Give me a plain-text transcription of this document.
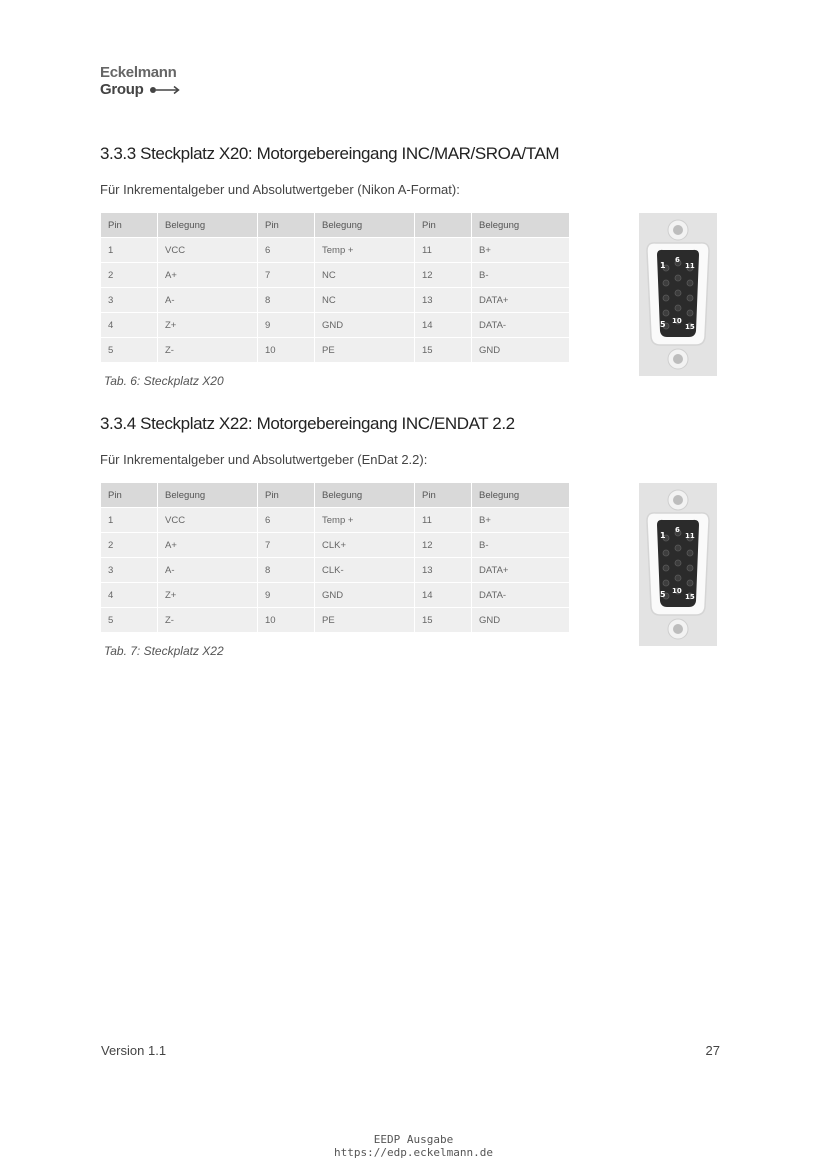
Eckelmann
Group
3.3.3 Steckplatz X20: Motorgebereingang INC/MAR/SROA/TAM

Für Inkrementalgeber und Absolutwertgeber (Nikon A-Format):

Pin	Belegung	Pin	Belegung	Pin	Belegung
1	VCC	6	Temp +	11	B+
2	A+	7	NC	12	B-
3	A-	8	NC	13	DATA+
4	Z+	9	GND	14	DATA-
5	Z-	10	PE	15	GND

Tab. 6: Steckplatz X20

1
6
11
5 10
15
3.3.4 Steckplatz X22: Motorgebereingang INC/ENDAT 2.2

Für Inkrementalgeber und Absolutwertgeber (EnDat 2.2):

Pin	Belegung	Pin	Belegung	Pin	Belegung
1	VCC	6	Temp +	11	B+
2	A+	7	CLK+	12	B-
3	A-	8	CLK-	13	DATA+
4	Z+	9	GND	14	DATA-
5	Z-	10	PE	15	GND

Tab. 7: Steckplatz X22

1
6
11
5 10
15
Version 1.1	27
EEDP Ausgabe
https://edp.eckelmann.de
